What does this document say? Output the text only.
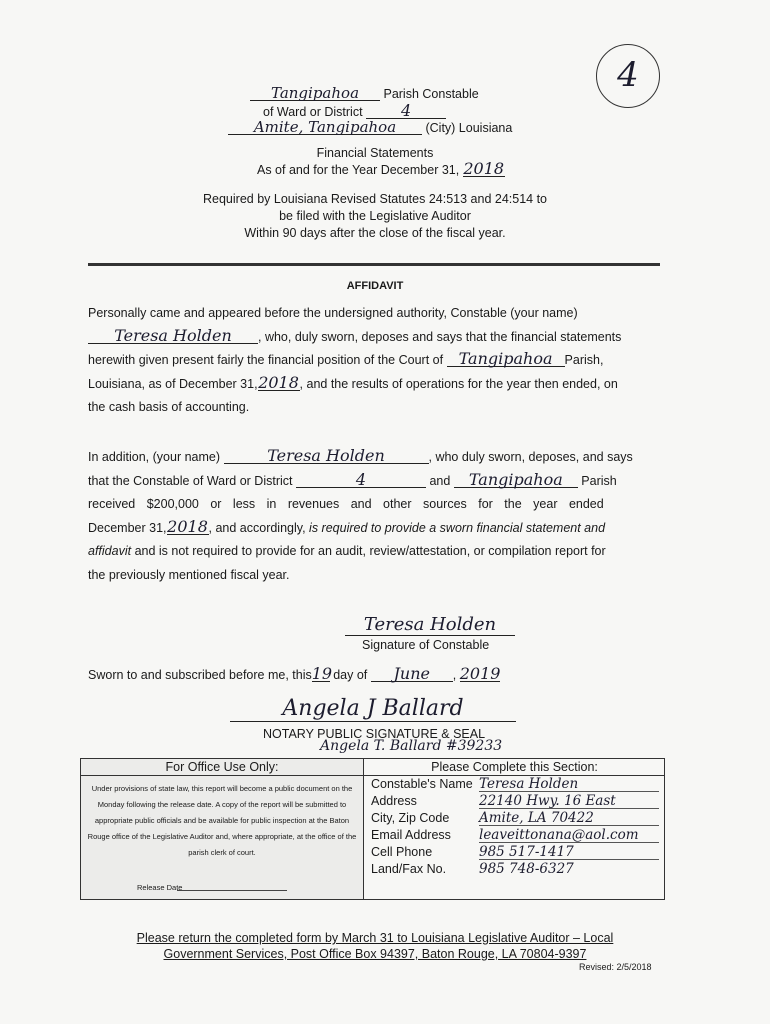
4
Tangipahoa Parish Constable
of Ward or District 4
Amite, Tangipahoa (City) Louisiana
Financial Statements
As of and for the Year December 31, 2018
Required by Louisiana Revised Statutes 24:513 and 24:514 to
be filed with the Legislative Auditor
Within 90 days after the close of the fiscal year.
AFFIDAVIT
Personally came and appeared before the undersigned authority, Constable (your name)
Teresa Holden , who, duly sworn, deposes and says that the financial statements
herewith given present fairly the financial position of the Court of Tangipahoa Parish,
Louisiana, as of December 31,2018, and the results of operations for the year then ended, on
the cash basis of accounting.
In addition, (your name)	Teresa Holden	, who duly sworn, deposes, and says
that the Constable of Ward or District	4	and Tangipahoa Parish
received $200,000 or less in revenues and other sources for the year ended
December 31,2018, and accordingly, is required to provide a sworn financial statement and
affidavit and is not required to provide for an audit, review/attestation, or compilation report for
the previously mentioned fiscal year.
Teresa Holden
Signature of Constable
Sworn to and subscribed before me, this19 day of June , 2019
Angela J Ballard
NOTARY PUBLIC SIGNATURE & SEAL
Angela T. Ballard #39233
For Office Use Only:
Under provisions of state law, this report will become a public document on the Monday following the release date. A copy of the report will be submitted to appropriate public officials and be available for public inspection at the Baton Rouge office of the Legislative Auditor and, where appropriate, at the office of the parish clerk of court.
Release Date
Please Complete this Section:
Constable's Name Teresa Holden
Address	22140 Hwy. 16 East
City, Zip Code Amite, LA 70422
Email Address leaveittonana@aol.com
Cell Phone	985 517-1417
Land/Fax No. 985 748-6327
Please return the completed form by March 31 to Louisiana Legislative Auditor – Local
Government Services, Post Office Box 94397, Baton Rouge, LA 70804-9397
Revised: 2/5/2018
